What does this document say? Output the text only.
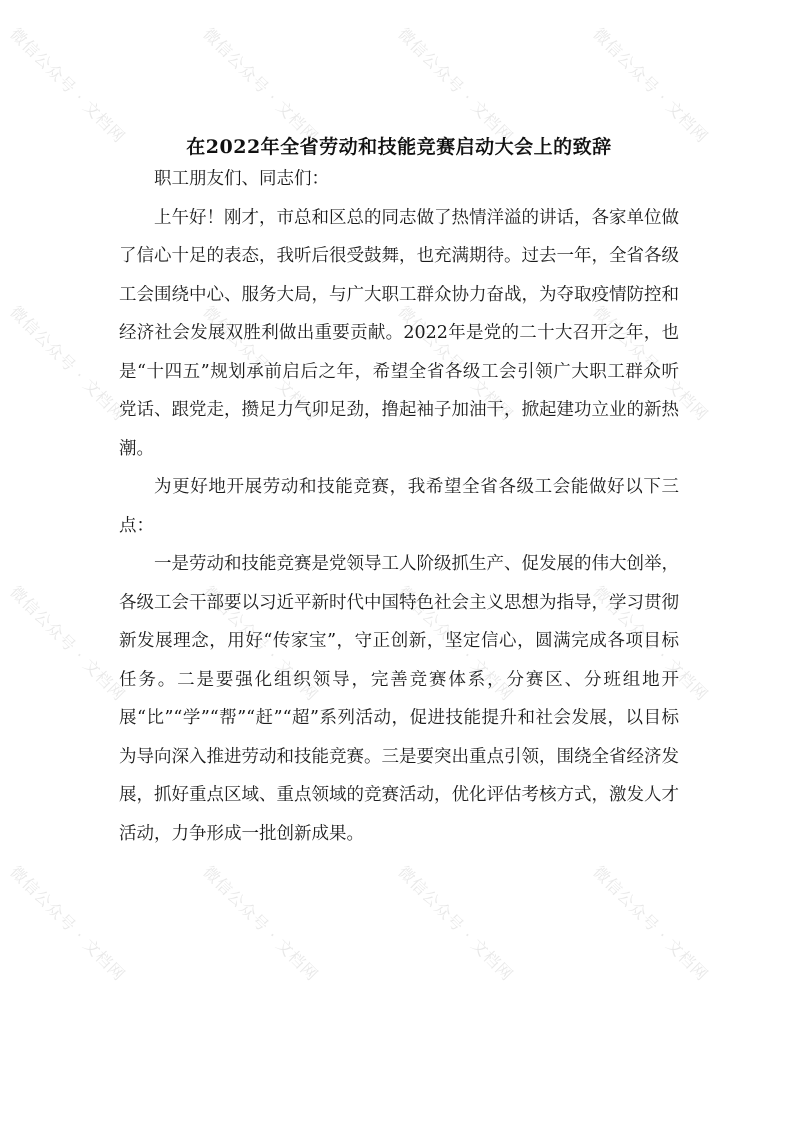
微信公众号 · 文档网	微信公众号 · 文档网	微信公众号 · 文档网	微信公众号 · 文档网
微信公众号 · 文档网	微信公众号 · 文档网	微信公众号 · 文档网	微信公众号 · 文档网
微信公众号 · 文档网	微信公众号 · 文档网	微信公众号 · 文档网	微信公众号 · 文档网
微信公众号 · 文档网	微信公众号 · 文档网	微信公众号 · 文档网	微信公众号 · 文档网
在2022年全省劳动和技能竞赛启动大会上的致辞

职工朋友们、同志们：

上午好！刚才，市总和区总的同志做了热情洋溢的讲话，各家单位做了信心十足的表态，我听后很受鼓舞，也充满期待。过去一年，全省各级工会围绕中心、服务大局，与广大职工群众协力奋战，为夺取疫情防控和经济社会发展双胜利做出重要贡献。2022年是党的二十大召开之年，也是“十四五”规划承前启后之年，希望全省各级工会引领广大职工群众听党话、跟党走，攒足力气卯足劲，撸起袖子加油干，掀起建功立业的新热潮。

为更好地开展劳动和技能竞赛，我希望全省各级工会能做好以下三点：

一是劳动和技能竞赛是党领导工人阶级抓生产、促发展的伟大创举，各级工会干部要以习近平新时代中国特色社会主义思想为指导，学习贯彻新发展理念，用好“传家宝”，守正创新，坚定信心，圆满完成各项目标任务。二是要强化组织领导，完善竞赛体系，分赛区、分班组地开展“比”“学”“帮”“赶”“超”系列活动，促进技能提升和社会发展，以目标为导向深入推进劳动和技能竞赛。三是要突出重点引领，围绕全省经济发展，抓好重点区域、重点领域的竞赛活动，优化评估考核方式，激发人才活动，力争形成一批创新成果。
